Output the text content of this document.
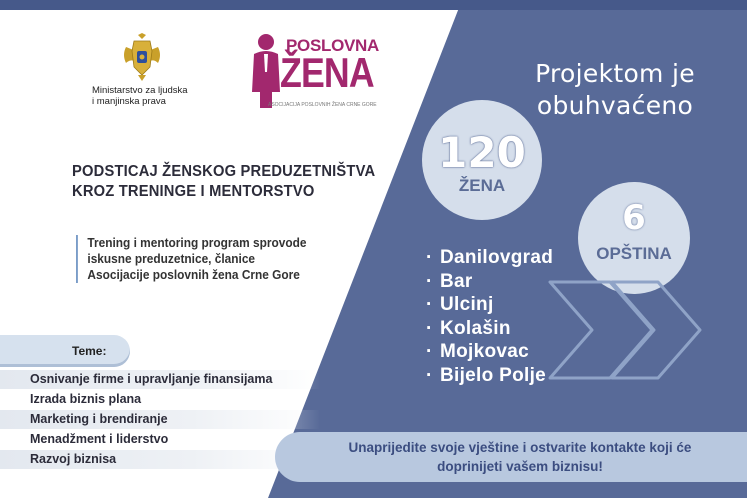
Ministarstvo za ljudska
i manjinska prava
POSLOVNA
ŽENA
ASOCIJACIJA POSLOVNIH ŽENA CRNE GORE
PODSTICAJ ŽENSKOG PREDUZETNIŠTVA
KROZ TRENINGE I MENTORSTVO
Trening i mentoring program sprovode
iskusne preduzetnice, članice
Asocijacije poslovnih žena Crne Gore
Teme:
Osnivanje firme i upravljanje finansijama
Izrada biznis plana
Marketing i brendiranje
Menadžment i liderstvo
Razvoj biznisa
Projektom je
obuhvaćeno
120
ŽENA
6
OPŠTINA
· Danilovgrad
· Bar
· Ulcinj
· Kolašin
· Mojkovac
· Bijelo Polje
Unaprijedite svoje vještine i ostvarite kontakte koji će
doprinijeti vašem biznisu!
